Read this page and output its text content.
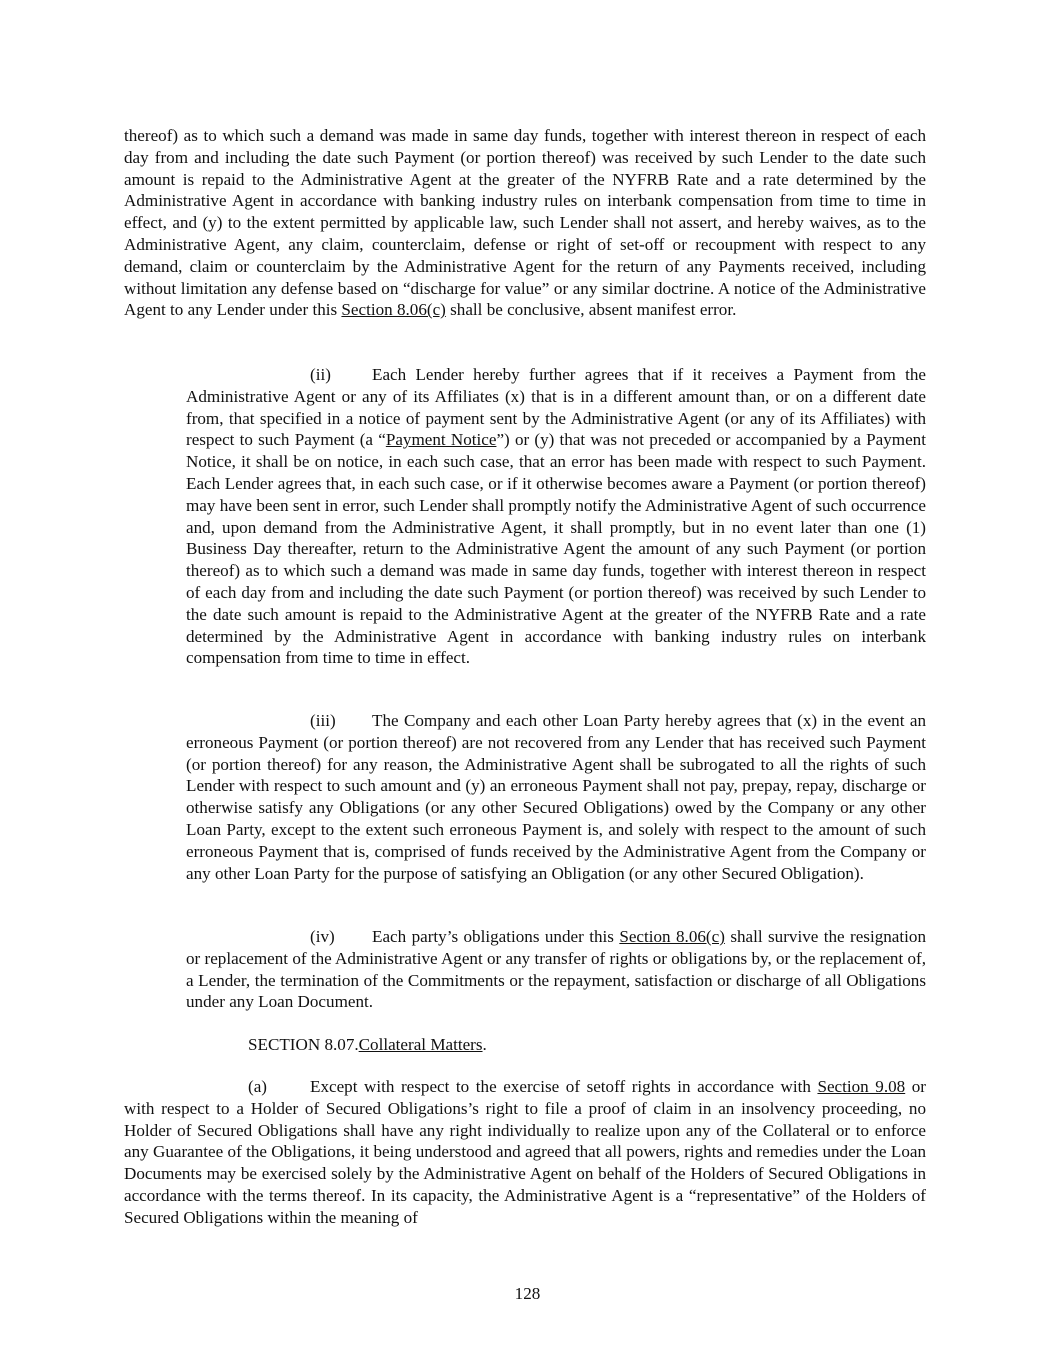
thereof) as to which such a demand was made in same day funds, together with interest thereon in respect of each day from and including the date such Payment (or portion thereof) was received by such Lender to the date such amount is repaid to the Administrative Agent at the greater of the NYFRB Rate and a rate determined by the Administrative Agent in accordance with banking industry rules on interbank compensation from time to time in effect, and (y) to the extent permitted by applicable law, such Lender shall not assert, and hereby waives, as to the Administrative Agent, any claim, counterclaim, defense or right of set-off or recoupment with respect to any demand, claim or counterclaim by the Administrative Agent for the return of any Payments received, including without limitation any defense based on “discharge for value” or any similar doctrine. A notice of the Administrative Agent to any Lender under this Section 8.06(c) shall be conclusive, absent manifest error.

(ii) Each Lender hereby further agrees that if it receives a Payment from the Administrative Agent or any of its Affiliates (x) that is in a different amount than, or on a different date from, that specified in a notice of payment sent by the Administrative Agent (or any of its Affiliates) with respect to such Payment (a “Payment Notice”) or (y) that was not preceded or accompanied by a Payment Notice, it shall be on notice, in each such case, that an error has been made with respect to such Payment. Each Lender agrees that, in each such case, or if it otherwise becomes aware a Payment (or portion thereof) may have been sent in error, such Lender shall promptly notify the Administrative Agent of such occurrence and, upon demand from the Administrative Agent, it shall promptly, but in no event later than one (1) Business Day thereafter, return to the Administrative Agent the amount of any such Payment (or portion thereof) as to which such a demand was made in same day funds, together with interest thereon in respect of each day from and including the date such Payment (or portion thereof) was received by such Lender to the date such amount is repaid to the Administrative Agent at the greater of the NYFRB Rate and a rate determined by the Administrative Agent in accordance with banking industry rules on interbank compensation from time to time in effect.

(iii) The Company and each other Loan Party hereby agrees that (x) in the event an erroneous Payment (or portion thereof) are not recovered from any Lender that has received such Payment (or portion thereof) for any reason, the Administrative Agent shall be subrogated to all the rights of such Lender with respect to such amount and (y) an erroneous Payment shall not pay, prepay, repay, discharge or otherwise satisfy any Obligations (or any other Secured Obligations) owed by the Company or any other Loan Party, except to the extent such erroneous Payment is, and solely with respect to the amount of such erroneous Payment that is, comprised of funds received by the Administrative Agent from the Company or any other Loan Party for the purpose of satisfying an Obligation (or any other Secured Obligation).

(iv) Each party’s obligations under this Section 8.06(c) shall survive the resignation or replacement of the Administrative Agent or any transfer of rights or obligations by, or the replacement of, a Lender, the termination of the Commitments or the repayment, satisfaction or discharge of all Obligations under any Loan Document.

SECTION 8.07.Collateral Matters.

(a)	Except with respect to the exercise of setoff rights in accordance with Section 9.08 or with respect to a Holder of Secured Obligations’s right to file a proof of claim in an insolvency proceeding, no Holder of Secured Obligations shall have any right individually to realize upon any of the Collateral or to enforce any Guarantee of the Obligations, it being understood and agreed that all powers, rights and remedies under the Loan Documents may be exercised solely by the Administrative Agent on behalf of the Holders of Secured Obligations in accordance with the terms thereof. In its capacity, the Administrative Agent is a “representative” of the Holders of Secured Obligations within the meaning of

128
